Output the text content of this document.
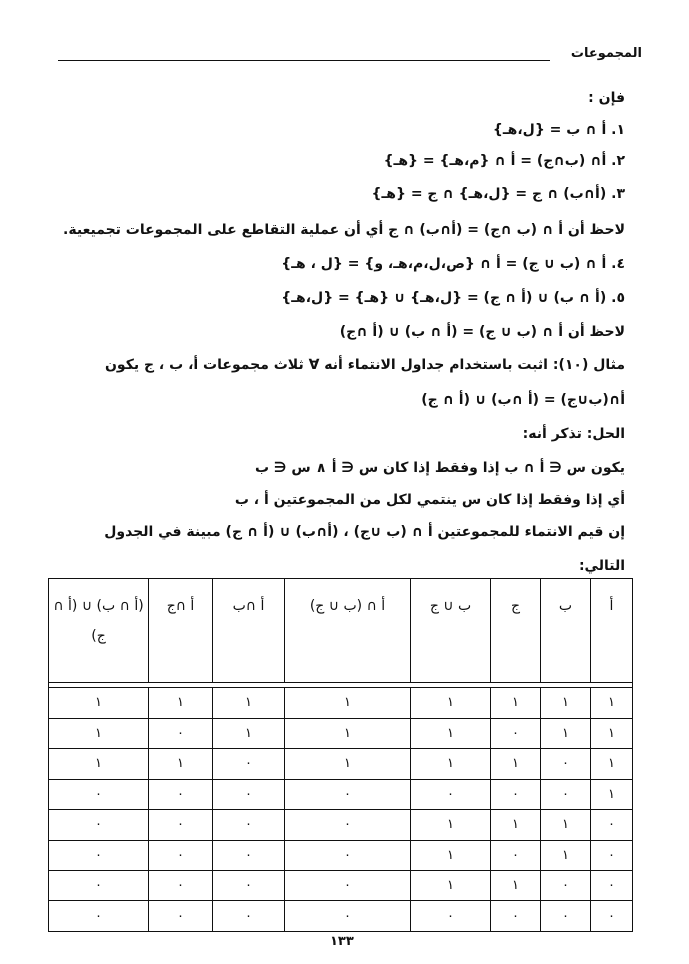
المجموعات
فإن :
١. أ ∩ ب = {ل،هـ}
٢. أ∩ (ب∩ج) = أ ∩ {م،هـ} = {هـ}
٣. (أ∩ب) ∩ ج = {ل،هـ} ∩ ج = {هـ}
لاحظ أن أ ∩ (ب ∩ج) = (أ∩ب) ∩ ج أي أن عملية التقاطع على المجموعات تجميعية.
٤. أ ∩ (ب ∪ ج) = أ ∩ {ص،ل،م،هـ، و} = {ل ، هـ}
٥. (أ ∩ ب) ∪ (أ ∩ ج) = {ل،هـ} ∪ {هـ} = {ل،هـ}
لاحظ أن أ ∩ (ب ∪ ج) = (أ ∩ ب) ∪ (أ ∩ج)
مثال (١٠): اثبت باستخدام جداول الانتماء أنه ∀ ثلاث مجموعات أ، ب ، ج يكون
أ∩(ب∪ج) = (أ ∩ب) ∪ (أ ∩ ج)
الحل: تذكر أنه:
يكون س ∈ أ ∩ ب إذا وفقط إذا كان س ∈ أ ∧ س ∈ ب
أي إذا وفقط إذا كان س ينتمي لكل من المجموعتين أ ، ب
إن قيم الانتماء للمجموعتين أ ∩ (ب ∪ج) ، (أ∩ب) ∪ (أ ∩ ج) مبينة في الجدول
التالي:
أ	ب	ج	ب ∪ ج	أ ∩ (ب ∪ ج)	أ ∩ب	أ ∩ج	(أ ∩ ب) ∪ (أ ∩ ج)

١	١	١	١	١	١	١	١
١	١	٠	١	١	١	٠	١
١	٠	١	١	١	٠	١	١
١	٠	٠	٠	٠	٠	٠	٠
٠	١	١	١	٠	٠	٠	٠
٠	١	٠	١	٠	٠	٠	٠
٠	٠	١	١	٠	٠	٠	٠
٠	٠	٠	٠	٠	٠	٠	٠
١٣٣
